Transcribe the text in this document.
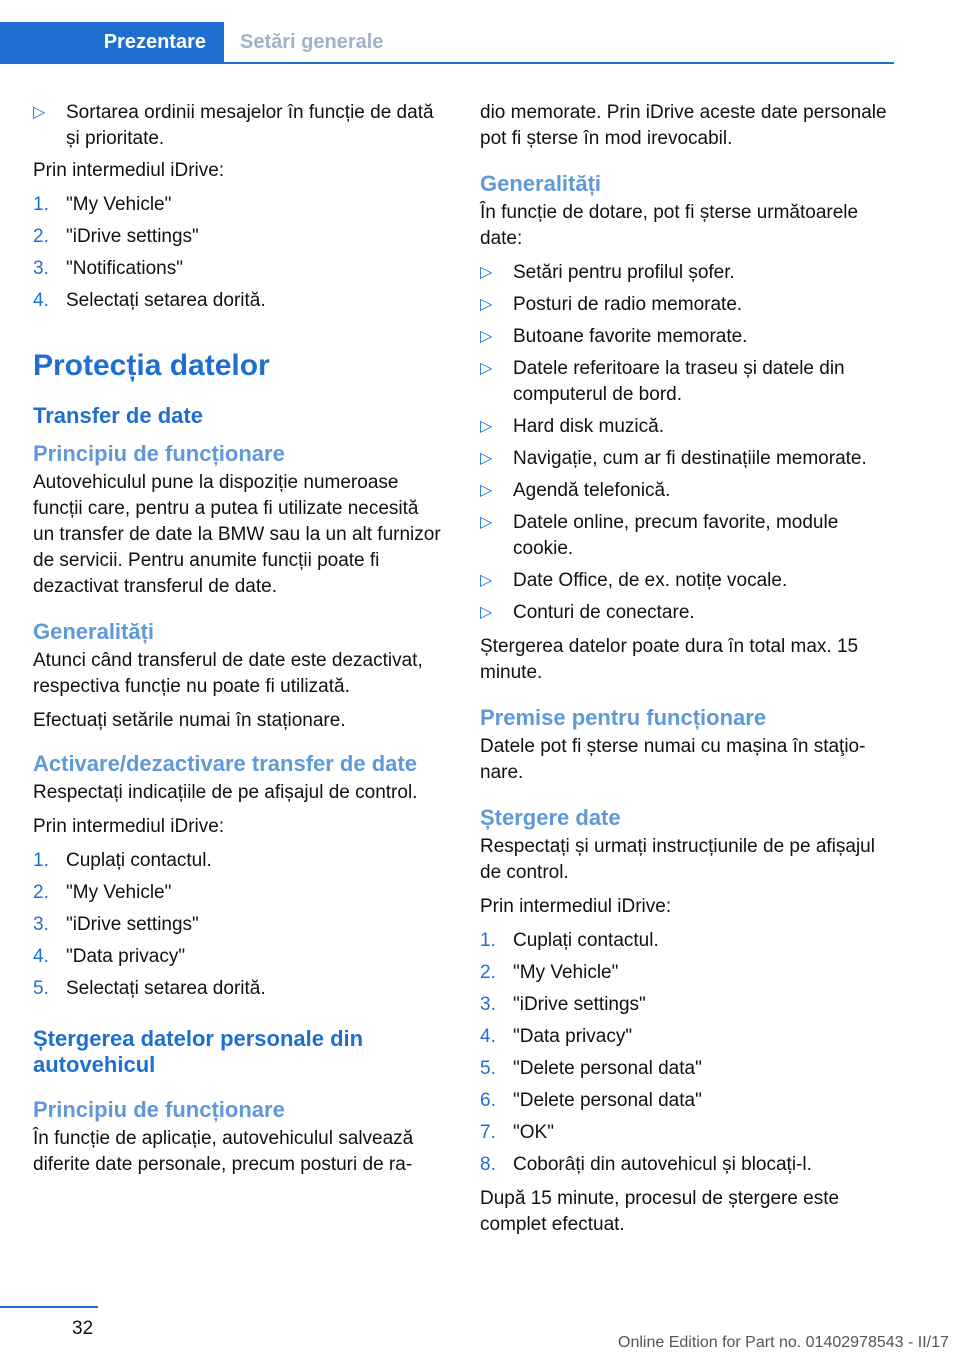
Prezentare	Setări generale
▷ Sortarea ordinii mesajelor în funcție de dată și prioritate.

Prin intermediul iDrive:

1. "My Vehicle"
2. "iDrive settings"
3. "Notifications"
4. Selectați setarea dorită.
Protecția datelor
Transfer de date
Principiu de funcționare

Autovehiculul pune la dispoziție numeroase funcții care, pentru a putea fi utilizate necesită un transfer de date la BMW sau la un alt furnizor de servicii. Pentru anumite funcții poate fi dezactivat transferul de date.

Generalități

Atunci când transferul de date este dezactivat, respectiva funcție nu poate fi utilizată.

Efectuați setările numai în staționare.

Activare/dezactivare transfer de date

Respectați indicațiile de pe afișajul de control.

Prin intermediul iDrive:

1. Cuplați contactul.
2. "My Vehicle"
3. "iDrive settings"
4. "Data privacy"
5. Selectați setarea dorită.
Ștergerea datelor personale din autovehicul
Principiu de funcționare

În funcție de aplicație, autovehiculul salvează diferite date personale, precum posturi de ra-

dio memorate. Prin iDrive aceste date personale pot fi șterse în mod irevocabil.

Generalități

În funcție de dotare, pot fi șterse următoarele date:

▷ Setări pentru profilul șofer.
▷ Posturi de radio memorate.
▷ Butoane favorite memorate.
▷ Datele referitoare la traseu și datele din computerul de bord.
▷ Hard disk muzică.
▷ Navigație, cum ar fi destinațiile memorate.
▷ Agendă telefonică.
▷ Datele online, precum favorite, module cookie.
▷ Date Office, de ex. notițe vocale.
▷ Conturi de conectare.

Ștergerea datelor poate dura în total max. 15 minute.

Premise pentru funcționare

Datele pot fi șterse numai cu mașina în staţionare.

Ștergere date

Respectați și urmați instrucțiunile de pe afișajul de control.

Prin intermediul iDrive:

1. Cuplați contactul.
2. "My Vehicle"
3. "iDrive settings"
4. "Data privacy"
5. "Delete personal data"
6. "Delete personal data"
7. "OK"
8. Coborâți din autovehicul și blocați-l.

După 15 minute, procesul de ștergere este complet efectuat.

32
Online Edition for Part no. 01402978543 - II/17
